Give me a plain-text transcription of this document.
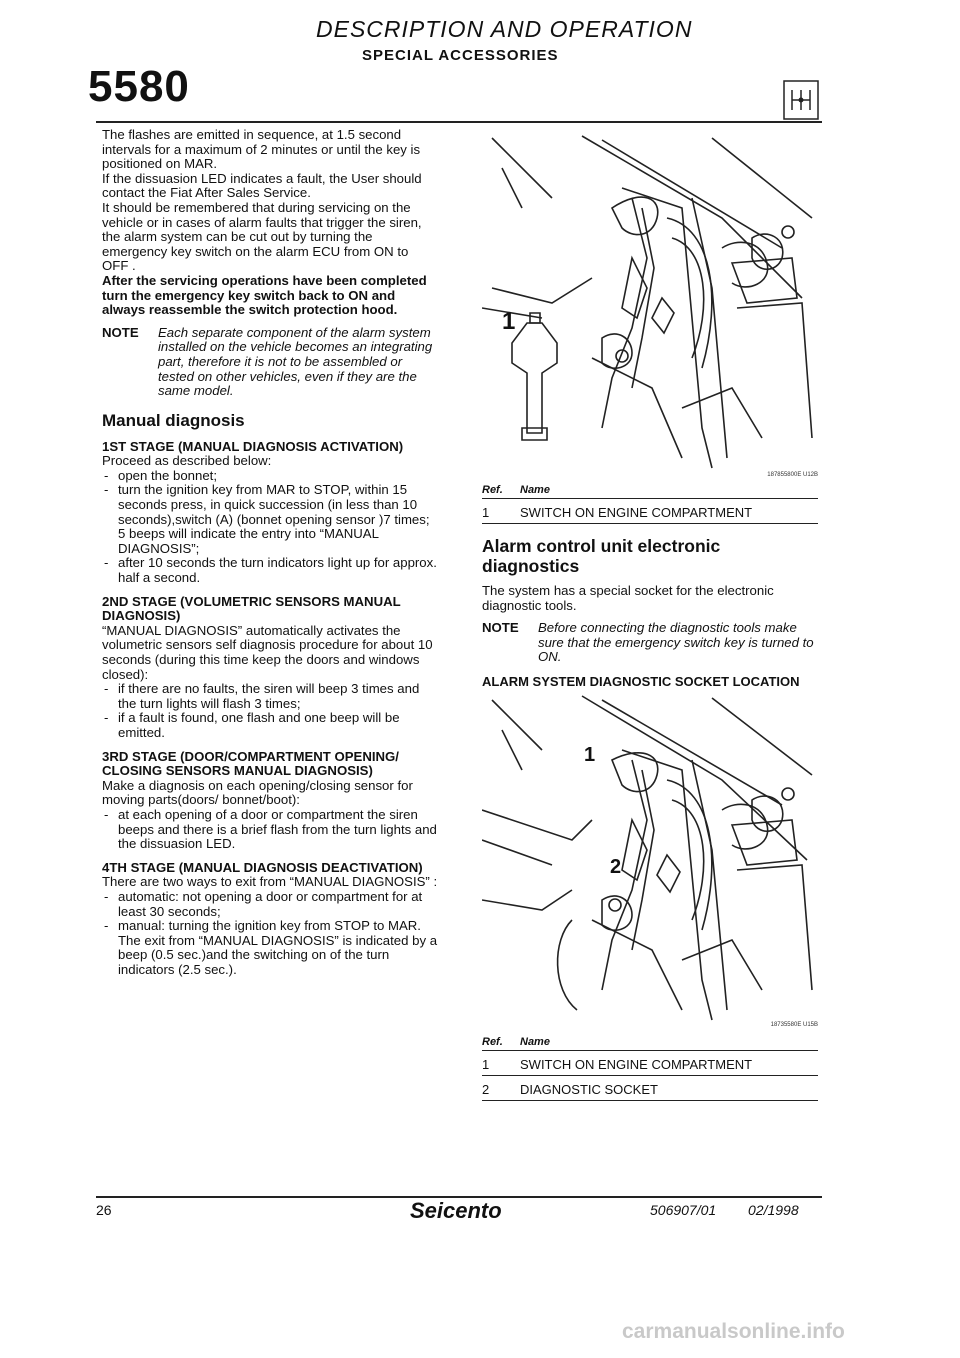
DESCRIPTION AND OPERATION
SPECIAL ACCESSORIES
5580

The flashes are emitted in sequence, at 1.5 second intervals for a maximum of 2 minutes or until the key is positioned on MAR.

If the dissuasion LED indicates a fault, the User should contact the Fiat After Sales Service.

It should be remembered that during servicing on the vehicle or in cases of alarm faults that trigger the siren, the alarm system can be cut out by turning the emergency key switch on the alarm ECU from ON to OFF .

After the servicing operations have been completed turn the emergency key switch back to ON and always reassemble the switch protection hood.

NOTE	Each separate component of the alarm system installed on the vehicle becomes an integrating part, therefore it is not to be assembled or tested on other vehicles, even if they are the same model.
Manual diagnosis
1ST STAGE (MANUAL DIAGNOSIS ACTIVATION)

Proceed as described below:

- open the bonnet;
- turn the ignition key from MAR to STOP, within 15 seconds press, in quick succession (in less than 10 seconds),switch (A) (bonnet opening sensor )7 times; 5 beeps will indicate the entry into “MANUAL DIAGNOSIS”;
- after 10 seconds the turn indicators light up for approx. half a second.
2ND STAGE (VOLUMETRIC SENSORS MANUAL DIAGNOSIS)

“MANUAL DIAGNOSIS” automatically activates the volumetric sensors self diagnosis procedure for about 10 seconds (during this time keep the doors and windows closed):

- if there are no faults, the siren will beep 3 times and the turn lights will flash 3 times;
- if a fault is found, one flash and one beep will be emitted.
3RD STAGE (DOOR/COMPARTMENT OPENING/ CLOSING SENSORS MANUAL DIAGNOSIS)

Make a diagnosis on each opening/closing sensor for moving parts(doors/ bonnet/boot):

- at each opening of a door or compartment the siren beeps and there is a brief flash from the turn lights and the dissuasion LED.
4TH STAGE (MANUAL DIAGNOSIS DEACTIVATION)

There are two ways to exit from “MANUAL DIAGNOSIS” :

- automatic: not opening a door or compartment for at least 30 seconds;
- manual: turning the ignition key from STOP to MAR.

The exit from “MANUAL DIAGNOSIS” is indicated by a beep (0.5 sec.)and the switching on of the turn indicators (2.5 sec.).

1
187855800E U12B
Ref.	Name
1	SWITCH ON ENGINE COMPARTMENT
Alarm control unit electronic diagnostics

The system has a special socket for the electronic diagnostic tools.

NOTE	Before connecting the diagnostic tools make sure that the emergency switch key is turned to ON.

ALARM SYSTEM DIAGNOSTIC SOCKET LOCATION

1
2
18735580E U15B
Ref.	Name
1	SWITCH ON ENGINE COMPARTMENT
2	DIAGNOSTIC SOCKET
26	Seicento	506907/01 02/1998
carmanualsonline.info
